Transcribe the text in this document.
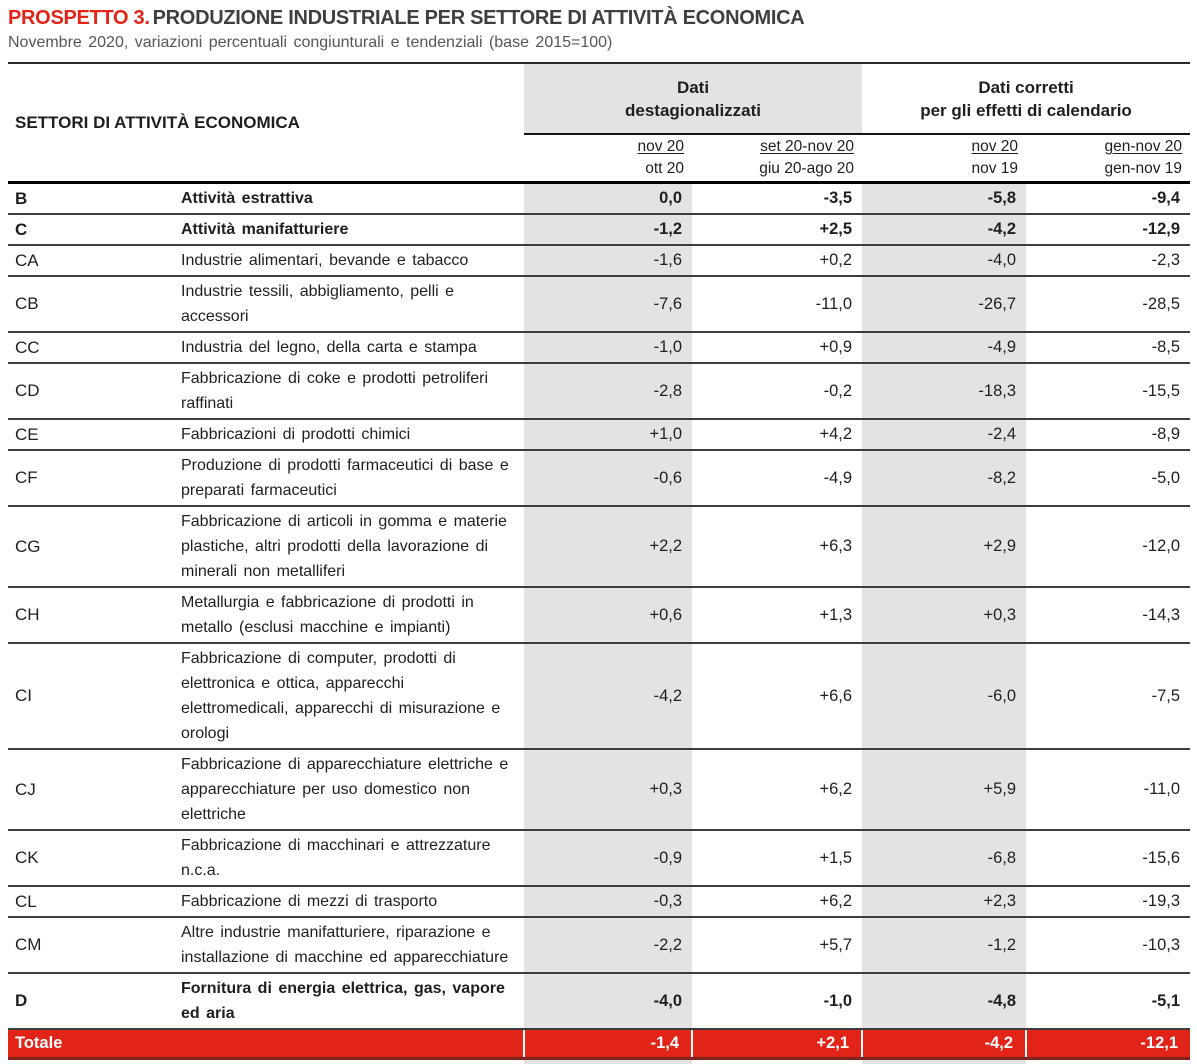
PROSPETTO 3. PRODUZIONE INDUSTRIALE PER SETTORE DI ATTIVITÀ ECONOMICA
Novembre 2020, variazioni percentuali congiunturali e tendenziali (base 2015=100)
SETTORI DI ATTIVITÀ ECONOMICA	
Dati
destagionalizzati

Dati corretti
per gli effetti di calendario

nov 20
ott 20

set 20-nov 20
giu 20-ago 20

nov 20
nov 19

gen-nov 20
gen-nov 19

B	Attività estrattiva	0,0	-3,5	-5,8	-9,4
C	Attività manifatturiere	-1,2	+2,5	-4,2	-12,9
CA	Industrie alimentari, bevande e tabacco	-1,6	+0,2	-4,0	-2,3
CB	Industrie tessili, abbigliamento, pelli e accessori	-7,6	-11,0	-26,7	-28,5
CC	Industria del legno, della carta e stampa	-1,0	+0,9	-4,9	-8,5
CD	Fabbricazione di coke e prodotti petroliferi raffinati	-2,8	-0,2	-18,3	-15,5
CE	Fabbricazioni di prodotti chimici	+1,0	+4,2	-2,4	-8,9
CF	Produzione di prodotti farmaceutici di base e preparati farmaceutici	-0,6	-4,9	-8,2	-5,0
CG	Fabbricazione di articoli in gomma e materie plastiche, altri prodotti della lavorazione di minerali non metalliferi	+2,2	+6,3	+2,9	-12,0
CH	Metallurgia e fabbricazione di prodotti in metallo (esclusi macchine e impianti)	+0,6	+1,3	+0,3	-14,3
CI	Fabbricazione di computer, prodotti di elettronica e ottica, apparecchi elettromedicali, apparecchi di misurazione e orologi	-4,2	+6,6	-6,0	-7,5
CJ	Fabbricazione di apparecchiature elettriche e apparecchiature per uso domestico non elettriche	+0,3	+6,2	+5,9	-11,0
CK	Fabbricazione di macchinari e attrezzature n.c.a.	-0,9	+1,5	-6,8	-15,6
CL	Fabbricazione di mezzi di trasporto	-0,3	+6,2	+2,3	-19,3
CM	Altre industrie manifatturiere, riparazione e installazione di macchine ed apparecchiature	-2,2	+5,7	-1,2	-10,3
D	Fornitura di energia elettrica, gas, vapore ed aria	-4,0	-1,0	-4,8	-5,1
Totale		-1,4	+2,1	-4,2	-12,1
